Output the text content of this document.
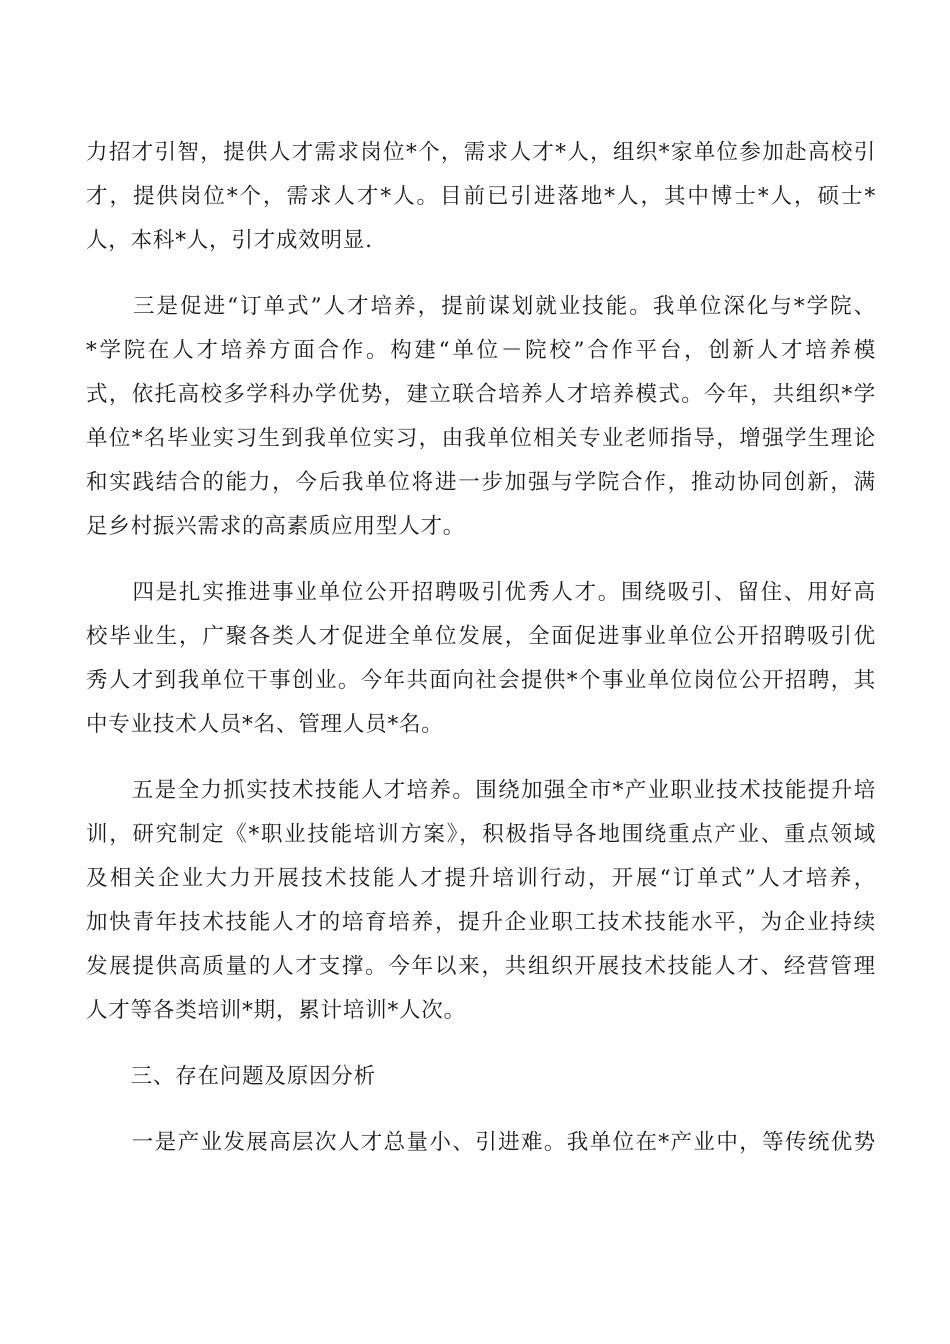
力招才引智，提供人才需求岗位*个，需求人才*人，组织*家单位参加赴高校引
才，提供岗位*个，需求人才*人。目前已引进落地*人，其中博士*人，硕士*
人，本科*人，引才成效明显.
　　三是促进“订单式”人才培养，提前谋划就业技能。我单位深化与*学院、
*学院在人才培养方面合作。构建“单位－院校”合作平台，创新人才培养模
式，依托高校多学科办学优势，建立联合培养人才培养模式。今年，共组织*学
单位*名毕业实习生到我单位实习，由我单位相关专业老师指导，增强学生理论
和实践结合的能力，今后我单位将进一步加强与学院合作，推动协同创新，满
足乡村振兴需求的高素质应用型人才。
　　四是扎实推进事业单位公开招聘吸引优秀人才。围绕吸引、留住、用好高
校毕业生，广聚各类人才促进全单位发展，全面促进事业单位公开招聘吸引优
秀人才到我单位干事创业。今年共面向社会提供*个事业单位岗位公开招聘，其
中专业技术人员*名、管理人员*名。
　　五是全力抓实技术技能人才培养。围绕加强全市*产业职业技术技能提升培
训，研究制定《*职业技能培训方案》，积极指导各地围绕重点产业、重点领域
及相关企业大力开展技术技能人才提升培训行动，开展“订单式”人才培养，
加快青年技术技能人才的培育培养，提升企业职工技术技能水平，为企业持续
发展提供高质量的人才支撑。今年以来，共组织开展技术技能人才、经营管理
人才等各类培训*期，累计培训*人次。
　　三、存在问题及原因分析
　　一是产业发展高层次人才总量小、引进难。我单位在*产业中，等传统优势
